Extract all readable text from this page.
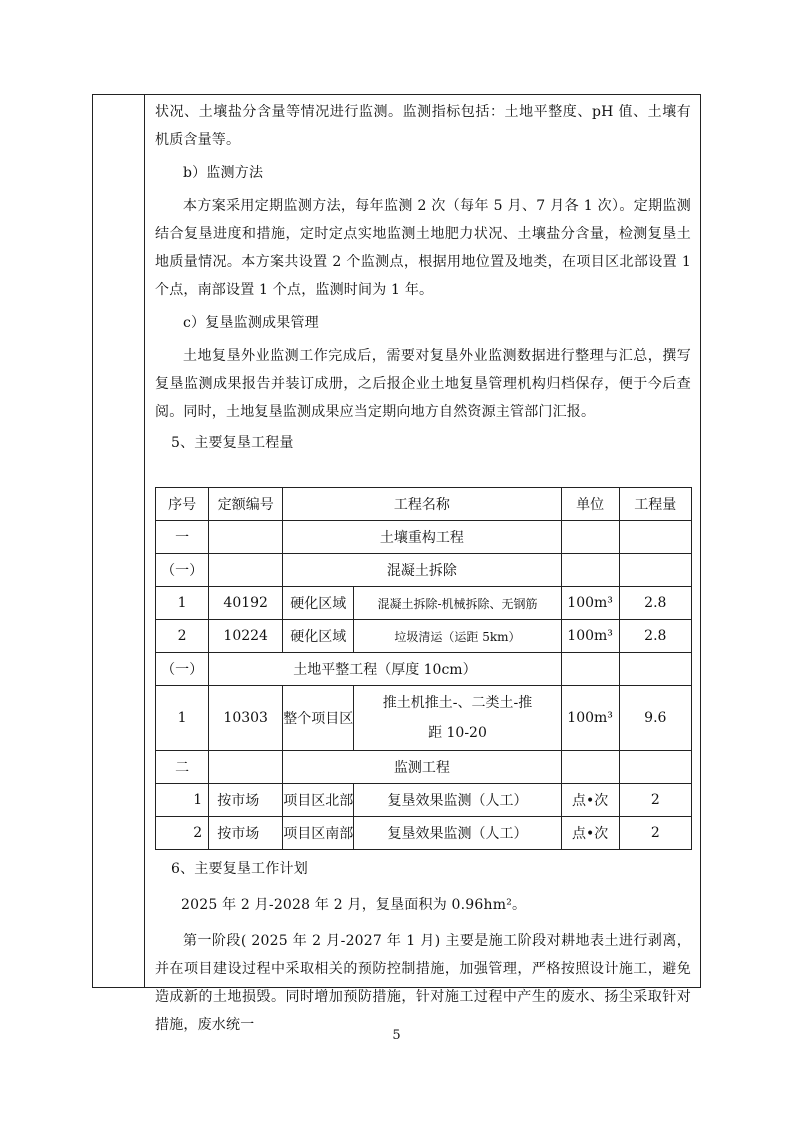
状况、土壤盐分含量等情况进行监测。监测指标包括：土地平整度、pH 值、土壤有机质含量等。

b）监测方法

本方案采用定期监测方法，每年监测 2 次（每年 5 月、7 月各 1 次）。定期监测结合复垦进度和措施，定时定点实地监测土地肥力状况、土壤盐分含量，检测复垦土地质量情况。本方案共设置 2 个监测点，根据用地位置及地类，在项目区北部设置 1 个点，南部设置 1 个点，监测时间为 1 年。

c）复垦监测成果管理

土地复垦外业监测工作完成后，需要对复垦外业监测数据进行整理与汇总，撰写复垦监测成果报告并装订成册，之后报企业土地复垦管理机构归档保存，便于今后查阅。同时，土地复垦监测成果应当定期向地方自然资源主管部门汇报。

5、主要复垦工程量

序号	定额编号	工程名称		单位	工程量
一		土壤重构工程			
（一）		混凝土拆除			
1	40192	硬化区域	混凝土拆除-机械拆除、无钢筋	100m³	2.8
2	10224	硬化区域	垃圾清运（运距 5km）	100m³	2.8
（一）	土地平整工程（厚度 10cm）				
1	10303	整个项目区	推土机推土-、二类土-推距 10-20	100m³	9.6
二		监测工程			
1	按市场	项目区北部	复垦效果监测（人工）	点•次	2
2	按市场	项目区南部	复垦效果监测（人工）	点•次	2

6、主要复垦工作计划

2025 年 2 月-2028 年 2 月，复垦面积为 0.96hm²。

第一阶段( 2025 年 2 月-2027 年 1 月) 主要是施工阶段对耕地表土进行剥离，并在项目建设过程中采取相关的预防控制措施，加强管理，严格按照设计施工，避免造成新的土地损毁。同时增加预防措施，针对施工过程中产生的废水、扬尘采取针对措施，废水统一

5
